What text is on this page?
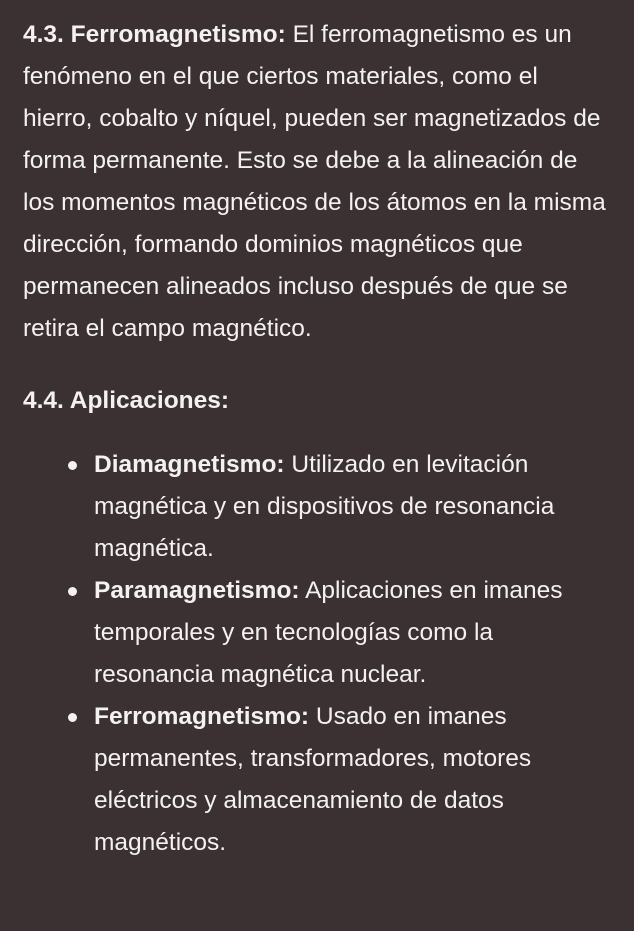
4.3. Ferromagnetismo: El ferromagnetismo es un fenómeno en el que ciertos materiales, como el hierro, cobalto y níquel, pueden ser magnetizados de forma permanente. Esto se debe a la alineación de los momentos magnéticos de los átomos en la misma dirección, formando dominios magnéticos que permanecen alineados incluso después de que se retira el campo magnético.

4.4. Aplicaciones:
Diamagnetismo: Utilizado en levitación magnética y en dispositivos de resonancia magnética.
Paramagnetismo: Aplicaciones en imanes temporales y en tecnologías como la resonancia magnética nuclear.
Ferromagnetismo: Usado en imanes permanentes, transformadores, motores eléctricos y almacenamiento de datos magnéticos.
